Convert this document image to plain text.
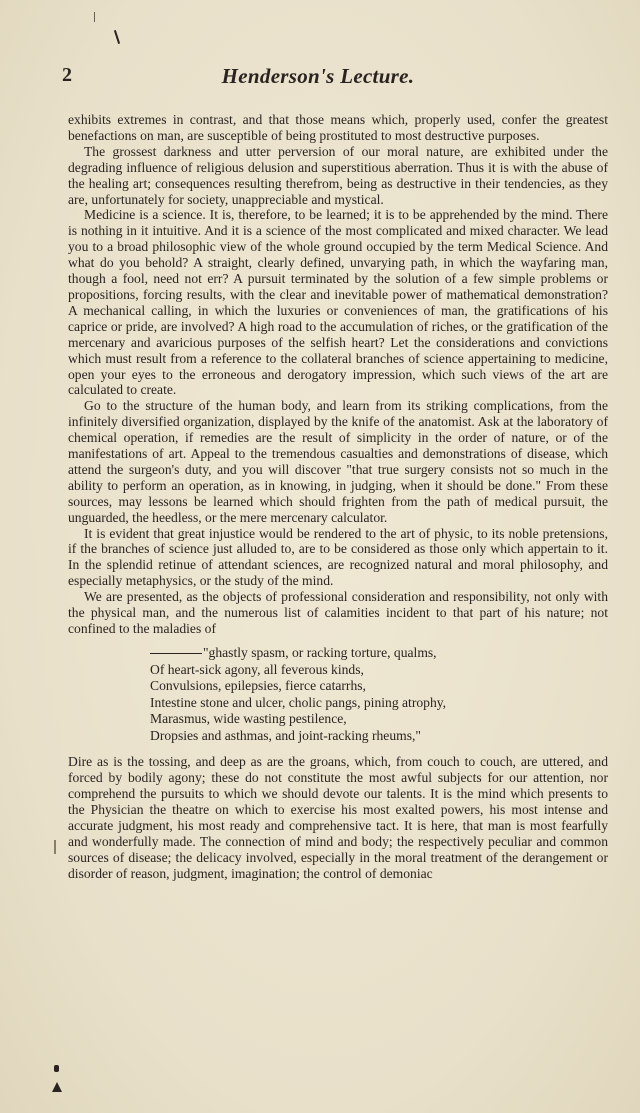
2	Henderson's Lecture.

exhibits extremes in contrast, and that those means which, properly used, confer the greatest benefactions on man, are susceptible of being prostituted to most destructive purposes.

The grossest darkness and utter perversion of our moral nature, are exhibited under the degrading influence of religious delusion and superstitious aberration. Thus it is with the abuse of the healing art; consequences resulting therefrom, being as destructive in their tendencies, as they are, unfortunately for society, unappreciable and mystical.

Medicine is a science. It is, therefore, to be learned; it is to be apprehended by the mind. There is nothing in it intuitive. And it is a science of the most complicated and mixed character. We lead you to a broad philosophic view of the whole ground occupied by the term Medical Science. And what do you behold? A straight, clearly defined, unvarying path, in which the wayfaring man, though a fool, need not err? A pursuit terminated by the solution of a few simple problems or propositions, forcing results, with the clear and inevitable power of mathematical demonstration? A mechanical calling, in which the luxuries or conveniences of man, the gratifications of his caprice or pride, are involved? A high road to the accumulation of riches, or the gratification of the mercenary and avaricious purposes of the selfish heart? Let the considerations and convictions which must result from a reference to the collateral branches of science appertaining to medicine, open your eyes to the erroneous and derogatory impression, which such views of the art are calculated to create.

Go to the structure of the human body, and learn from its striking complications, from the infinitely diversified organization, displayed by the knife of the anatomist. Ask at the laboratory of chemical operation, if remedies are the result of simplicity in the order of nature, or of the manifestations of art. Appeal to the tremendous casualties and demonstrations of disease, which attend the surgeon's duty, and you will discover "that true surgery consists not so much in the ability to perform an operation, as in knowing, in judging, when it should be done." From these sources, may lessons be learned which should frighten from the path of medical pursuit, the unguarded, the heedless, or the mere mercenary calculator.

It is evident that great injustice would be rendered to the art of physic, to its noble pretensions, if the branches of science just alluded to, are to be considered as those only which appertain to it. In the splendid retinue of attendant sciences, are recognized natural and moral philosophy, and especially metaphysics, or the study of the mind.

We are presented, as the objects of professional consideration and responsibility, not only with the physical man, and the numerous list of calamities incident to that part of his nature; not confined to the maladies of

"ghastly spasm, or racking torture, qualms,
Of heart-sick agony, all feverous kinds,
Convulsions, epilepsies, fierce catarrhs,
Intestine stone and ulcer, cholic pangs, pining atrophy,
Marasmus, wide wasting pestilence,
Dropsies and asthmas, and joint-racking rheums,"

Dire as is the tossing, and deep as are the groans, which, from couch to couch, are uttered, and forced by bodily agony; these do not constitute the most awful subjects for our attention, nor comprehend the pursuits to which we should devote our talents. It is the mind which presents to the Physician the theatre on which to exercise his most exalted powers, his most intense and accurate judgment, his most ready and comprehensive tact. It is here, that man is most fearfully and wonderfully made. The connection of mind and body; the respectively peculiar and common sources of disease; the delicacy involved, especially in the moral treatment of the derangement or disorder of reason, judgment, imagination; the control of demoniac
